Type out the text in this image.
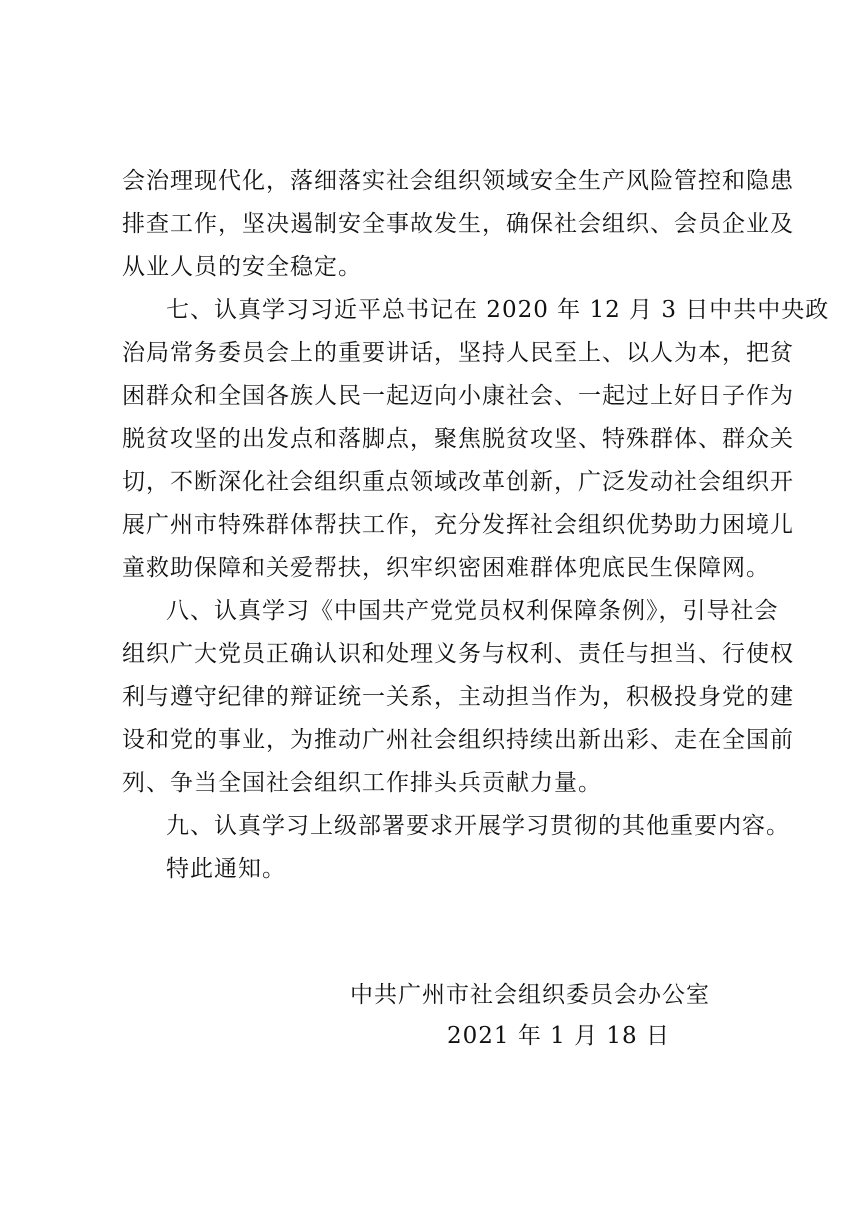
会治理现代化，落细落实社会组织领域安全生产风险管控和隐患
排查工作，坚决遏制安全事故发生，确保社会组织、会员企业及
从业人员的安全稳定。
七、认真学习习近平总书记在 2020 年 12 月 3 日中共中央政
治局常务委员会上的重要讲话，坚持人民至上、以人为本，把贫
困群众和全国各族人民一起迈向小康社会、一起过上好日子作为
脱贫攻坚的出发点和落脚点，聚焦脱贫攻坚、特殊群体、群众关
切，不断深化社会组织重点领域改革创新，广泛发动社会组织开
展广州市特殊群体帮扶工作，充分发挥社会组织优势助力困境儿
童救助保障和关爱帮扶，织牢织密困难群体兜底民生保障网。
八、认真学习《中国共产党党员权利保障条例》，引导社会
组织广大党员正确认识和处理义务与权利、责任与担当、行使权
利与遵守纪律的辩证统一关系，主动担当作为，积极投身党的建
设和党的事业，为推动广州社会组织持续出新出彩、走在全国前
列、争当全国社会组织工作排头兵贡献力量。
九、认真学习上级部署要求开展学习贯彻的其他重要内容。
特此通知。
中共广州市社会组织委员会办公室
2021 年 1 月 18 日
